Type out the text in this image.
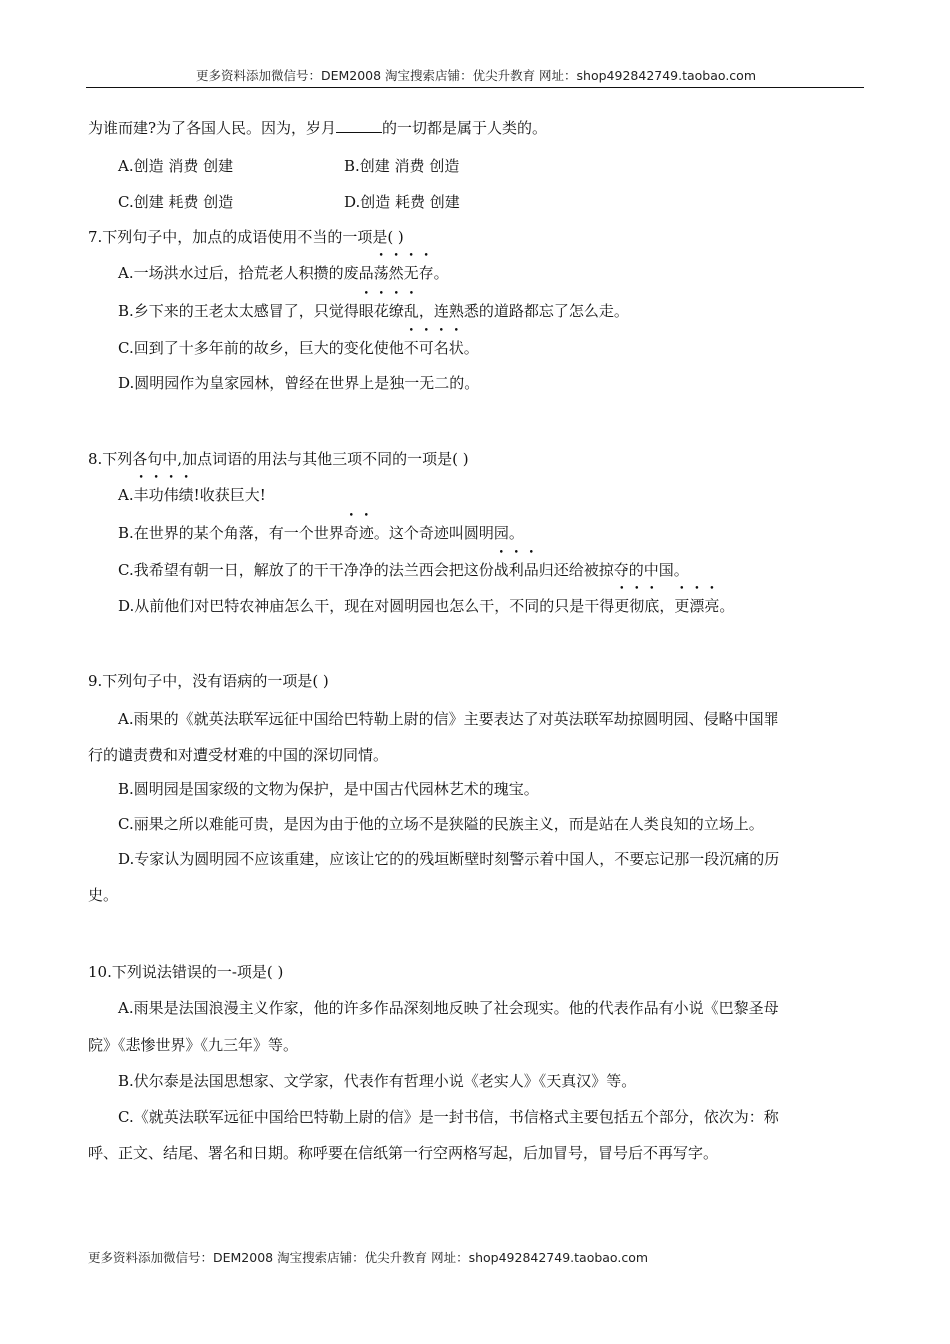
更多资料添加微信号：DEM2008 淘宝搜索店铺：优尖升教育 网址：shop492842749.taobao.com
为谁而建?为了各国人民。因为，岁月	的一切都是属于人类的。
A.创造 消费 创建	B.创建 消费 创造
C.创建 耗费 创造	D.创造 耗费 创建
7.下列句子中，加点的成语使用不当的一项是( )
A.一场洪水过后，拾荒老人积攒的废品荡然无存。
B.乡下来的王老太太感冒了，只觉得眼花缭乱，连熟悉的道路都忘了怎么走。
C.回到了十多年前的故乡，巨大的变化使他不可名状。
D.圆明园作为皇家园林，曾经在世界上是独一无二的。
8.下列各句中,加点词语的用法与其他三项不同的一项是( )
A.丰功伟绩!收获巨大!
B.在世界的某个角落，有一个世界奇迹。这个奇迹叫圆明园。
C.我希望有朝一日，解放了的干干净净的法兰西会把这份战利品归还给被掠夺的中国。
D.从前他们对巴特农神庙怎么干，现在对圆明园也怎么干，不同的只是干得更彻底，更漂亮。
9.下列句子中，没有语病的一项是( )
A.雨果的《就英法联军远征中国给巴特勒上尉的信》主要表达了对英法联军劫掠圆明园、侵略中国罪
行的谴责费和对遭受材难的中国的深切同情。
B.圆明园是国家级的文物为保护，是中国古代园林艺术的瑰宝。
C.丽果之所以难能可贵，是因为由于他的立场不是狭隘的民族主义，而是站在人类良知的立场上。
D.专家认为圆明园不应该重建，应该让它的的残垣断壁时刻警示着中国人，不要忘记那一段沉痛的历
史。
10.下列说法错误的一-项是( )
A.雨果是法国浪漫主义作家，他的许多作品深刻地反映了社会现实。他的代表作品有小说《巴黎圣母
院》《悲惨世界》《九三年》等。
B.伏尔泰是法国思想家、文学家，代表作有哲理小说《老实人》《天真汉》等。
C.《就英法联军远征中国给巴特勒上尉的信》是一封书信，书信格式主要包括五个部分，依次为：称
呼、正文、结尾、署名和日期。称呼要在信纸第一行空两格写起，后加冒号，冒号后不再写字。
更多资料添加微信号：DEM2008 淘宝搜索店铺：优尖升教育 网址：shop492842749.taobao.com
